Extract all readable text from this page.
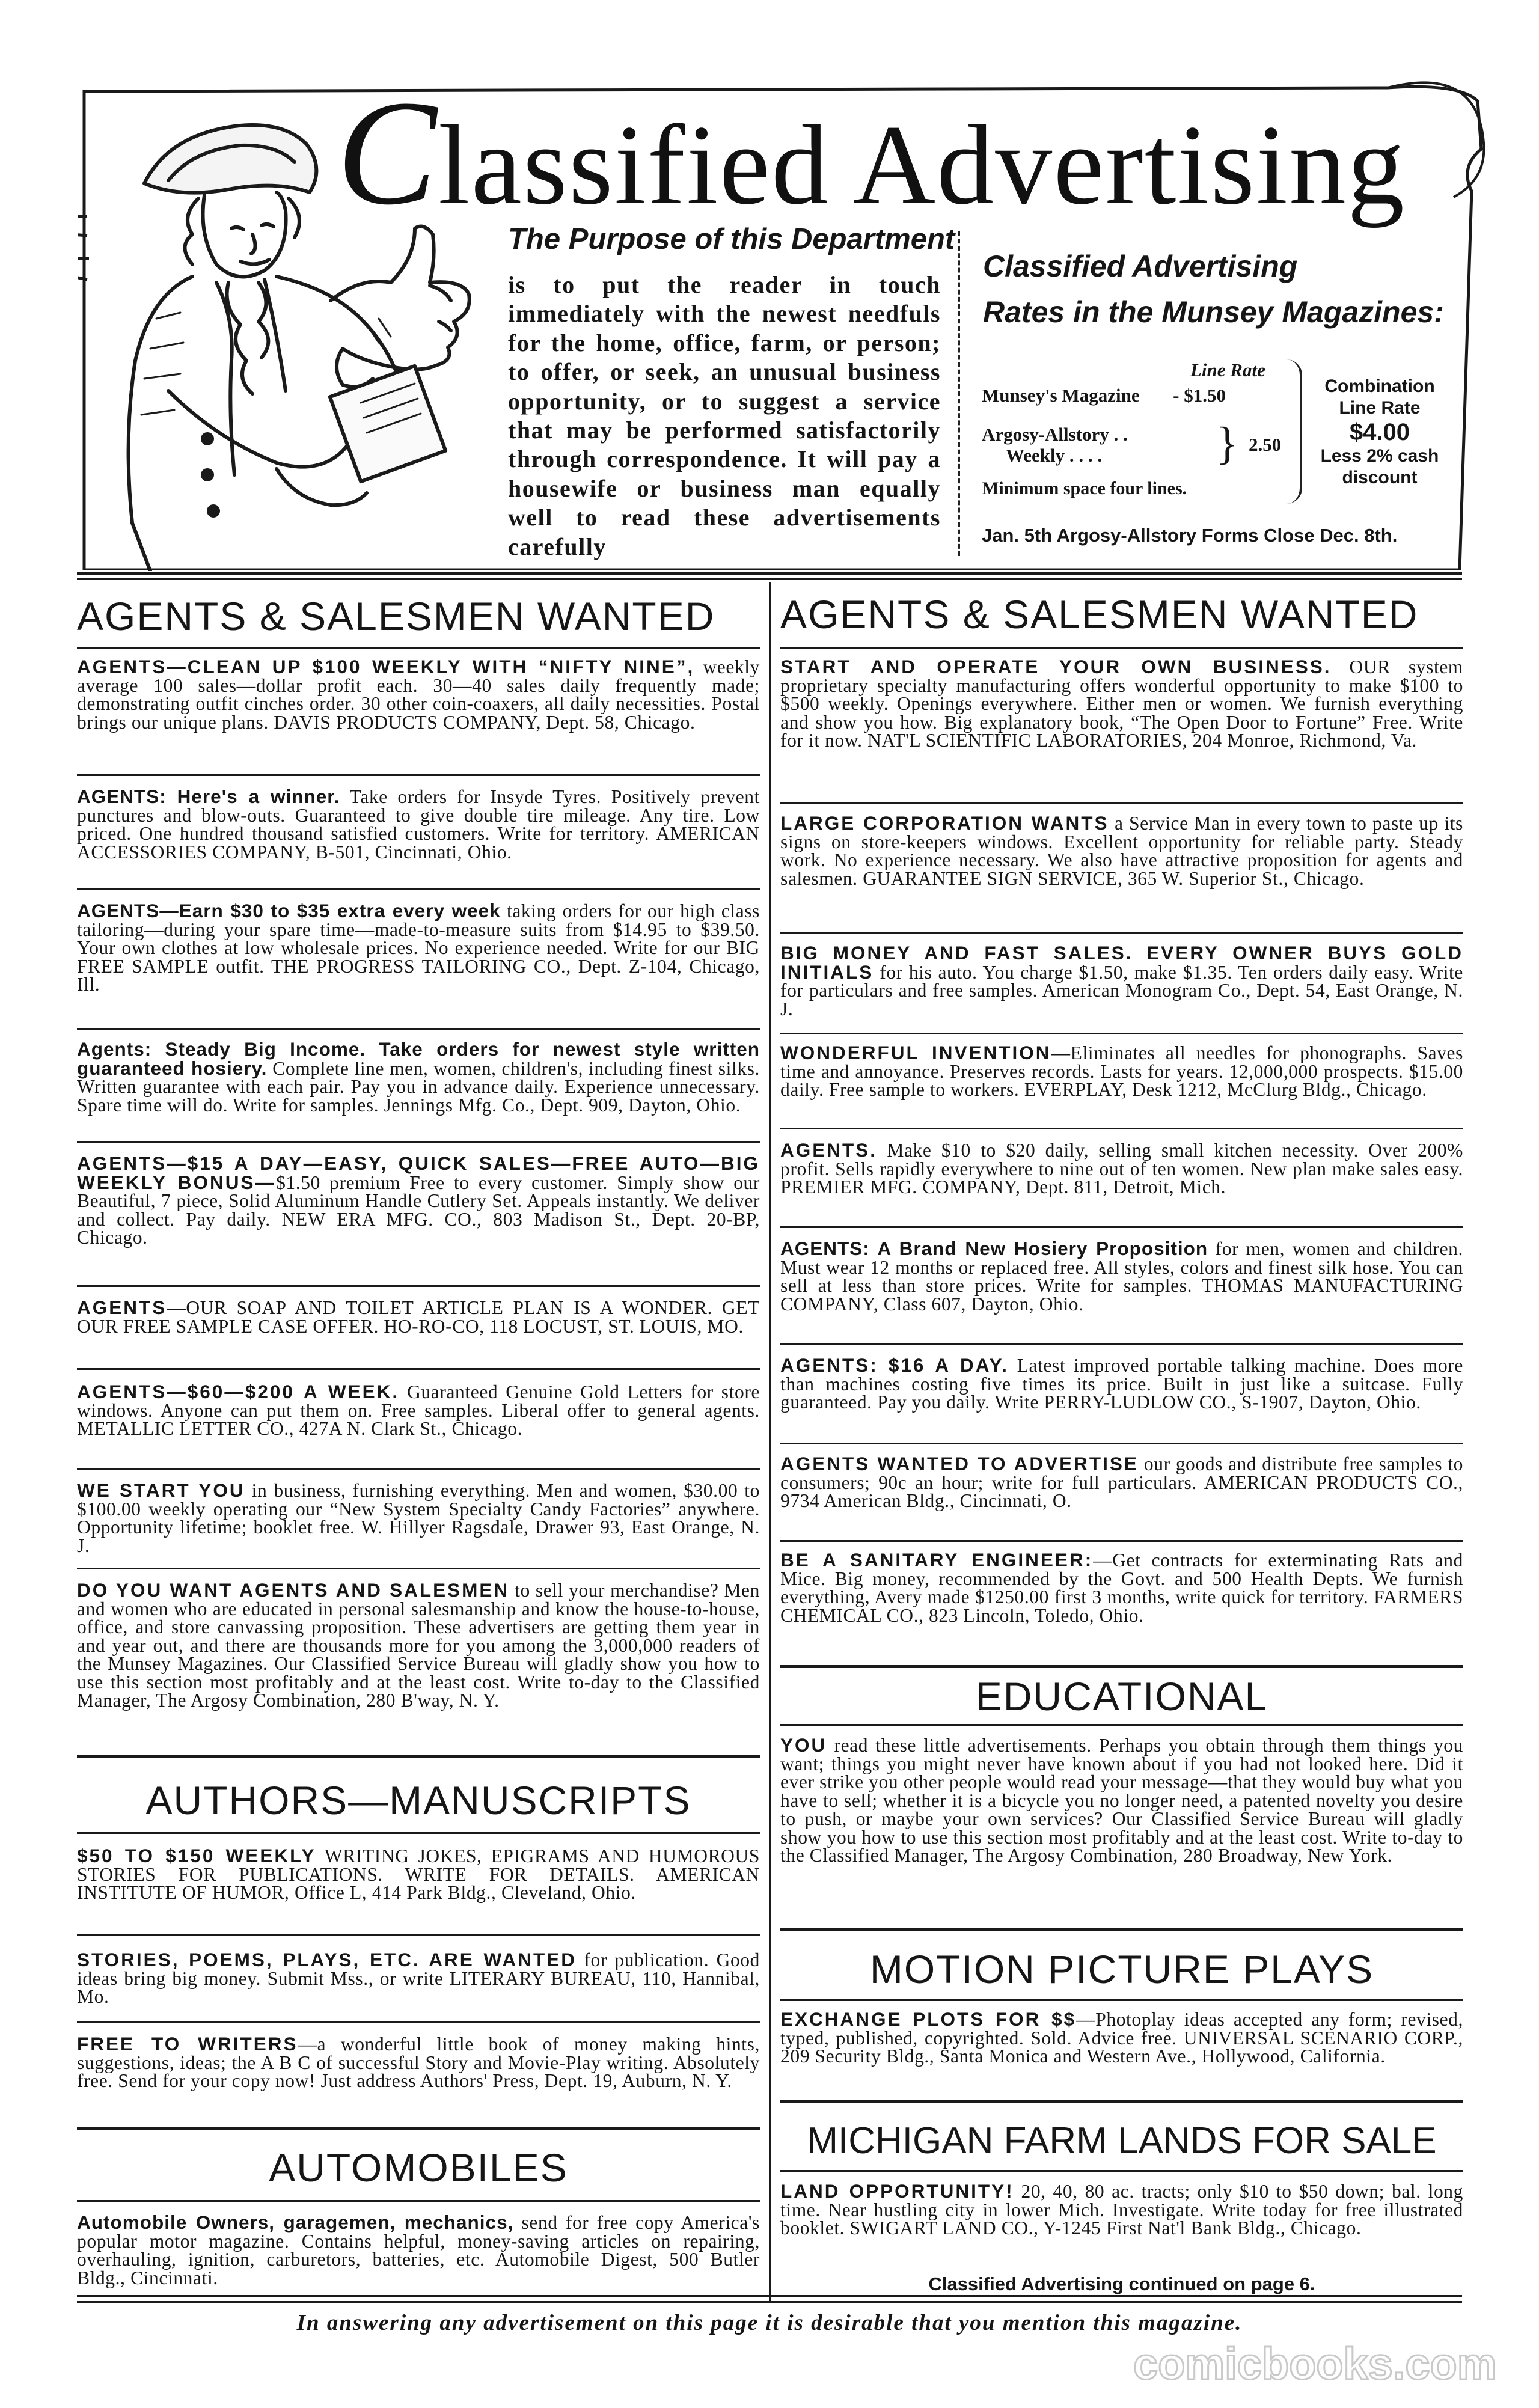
Classified Advertising
The Purpose of this Department
is to put the reader in touch immediately with the newest needfuls for the home, office, farm, or person; to offer, or seek, an unusual business opportunity, or to suggest a service that may be performed satisfactorily through correspondence. It will pay a housewife or business man equally well to read these advertisements carefully
Classified Advertising
Rates in the Munsey Magazines:
Line Rate
Munsey's Magazine - $1.50
Argosy-Allstory . .
Weekly . . . .	} 2.50
Combination
Line Rate
$4.00
Less 2% cash
discount
Minimum space four lines.
Jan. 5th Argosy-Allstory Forms Close Dec. 8th.
AGENTS & SALESMEN WANTED
AGENTS—CLEAN UP $100 WEEKLY WITH “NIFTY NINE”, weekly average 100 sales—dollar profit each. 30—40 sales daily frequently made; demonstrating outfit cinches order. 30 other coin-coaxers, all daily necessities. Postal brings our unique plans. DAVIS PRODUCTS COMPANY, Dept. 58, Chicago.
AGENTS: Here's a winner. Take orders for Insyde Tyres. Positively prevent punctures and blow-outs. Guaranteed to give double tire mileage. Any tire. Low priced. One hundred thousand satisfied customers. Write for territory. AMERICAN ACCESSORIES COMPANY, B-501, Cincinnati, Ohio.
AGENTS—Earn $30 to $35 extra every week taking orders for our high class tailoring—during your spare time—made-to-measure suits from $14.95 to $39.50. Your own clothes at low wholesale prices. No experience needed. Write for our BIG FREE SAMPLE outfit. THE PROGRESS TAILORING CO., Dept. Z-104, Chicago, Ill.
Agents: Steady Big Income. Take orders for newest style written guaranteed hosiery. Complete line men, women, children's, including finest silks. Written guarantee with each pair. Pay you in advance daily. Experience unnecessary. Spare time will do. Write for samples. Jennings Mfg. Co., Dept. 909, Dayton, Ohio.
AGENTS—$15 A DAY—EASY, QUICK SALES—FREE AUTO—BIG WEEKLY BONUS—$1.50 premium Free to every customer. Simply show our Beautiful, 7 piece, Solid Aluminum Handle Cutlery Set. Appeals instantly. We deliver and collect. Pay daily. NEW ERA MFG. CO., 803 Madison St., Dept. 20-BP, Chicago.
AGENTS—OUR SOAP AND TOILET ARTICLE PLAN IS A WONDER. GET OUR FREE SAMPLE CASE OFFER. HO-RO-CO, 118 LOCUST, ST. LOUIS, MO.
AGENTS—$60—$200 A WEEK. Guaranteed Genuine Gold Letters for store windows. Anyone can put them on. Free samples. Liberal offer to general agents. METALLIC LETTER CO., 427A N. Clark St., Chicago.
WE START YOU in business, furnishing everything. Men and women, $30.00 to $100.00 weekly operating our “New System Specialty Candy Factories” anywhere. Opportunity lifetime; booklet free. W. Hillyer Ragsdale, Drawer 93, East Orange, N. J.
DO YOU WANT AGENTS AND SALESMEN to sell your merchandise? Men and women who are educated in personal salesmanship and know the house-to-house, office, and store canvassing proposition. These advertisers are getting them year in and year out, and there are thousands more for you among the 3,000,000 readers of the Munsey Magazines. Our Classified Service Bureau will gladly show you how to use this section most profitably and at the least cost. Write to-day to the Classified Manager, The Argosy Combination, 280 B'way, N. Y.
AUTHORS—MANUSCRIPTS
$50 TO $150 WEEKLY WRITING JOKES, EPIGRAMS AND HUMOROUS STORIES FOR PUBLICATIONS. WRITE FOR DETAILS. AMERICAN INSTITUTE OF HUMOR, Office L, 414 Park Bldg., Cleveland, Ohio.
STORIES, POEMS, PLAYS, ETC. ARE WANTED for publication. Good ideas bring big money. Submit Mss., or write LITERARY BUREAU, 110, Hannibal, Mo.
FREE TO WRITERS—a wonderful little book of money making hints, suggestions, ideas; the A B C of successful Story and Movie-Play writing. Absolutely free. Send for your copy now! Just address Authors' Press, Dept. 19, Auburn, N. Y.
AUTOMOBILES
Automobile Owners, garagemen, mechanics, send for free copy America's popular motor magazine. Contains helpful, money-saving articles on repairing, overhauling, ignition, carburetors, batteries, etc. Automobile Digest, 500 Butler Bldg., Cincinnati.
AGENTS & SALESMEN WANTED
START AND OPERATE YOUR OWN BUSINESS. OUR system proprietary specialty manufacturing offers wonderful opportunity to make $100 to $500 weekly. Openings everywhere. Either men or women. We furnish everything and show you how. Big explanatory book, “The Open Door to Fortune” Free. Write for it now. NAT'L SCIENTIFIC LABORATORIES, 204 Monroe, Richmond, Va.
LARGE CORPORATION WANTS a Service Man in every town to paste up its signs on store-keepers windows. Excellent opportunity for reliable party. Steady work. No experience necessary. We also have attractive proposition for agents and salesmen. GUARANTEE SIGN SERVICE, 365 W. Superior St., Chicago.
BIG MONEY AND FAST SALES. EVERY OWNER BUYS GOLD INITIALS for his auto. You charge $1.50, make $1.35. Ten orders daily easy. Write for particulars and free samples. American Monogram Co., Dept. 54, East Orange, N. J.
WONDERFUL INVENTION—Eliminates all needles for phonographs. Saves time and annoyance. Preserves records. Lasts for years. 12,000,000 prospects. $15.00 daily. Free sample to workers. EVERPLAY, Desk 1212, McClurg Bldg., Chicago.
AGENTS. Make $10 to $20 daily, selling small kitchen necessity. Over 200% profit. Sells rapidly everywhere to nine out of ten women. New plan make sales easy. PREMIER MFG. COMPANY, Dept. 811, Detroit, Mich.
AGENTS: A Brand New Hosiery Proposition for men, women and children. Must wear 12 months or replaced free. All styles, colors and finest silk hose. You can sell at less than store prices. Write for samples. THOMAS MANUFACTURING COMPANY, Class 607, Dayton, Ohio.
AGENTS: $16 A DAY. Latest improved portable talking machine. Does more than machines costing five times its price. Built in just like a suitcase. Fully guaranteed. Pay you daily. Write PERRY-LUDLOW CO., S-1907, Dayton, Ohio.
AGENTS WANTED TO ADVERTISE our goods and distribute free samples to consumers; 90c an hour; write for full particulars. AMERICAN PRODUCTS CO., 9734 American Bldg., Cincinnati, O.
BE A SANITARY ENGINEER:—Get contracts for exterminating Rats and Mice. Big money, recommended by the Govt. and 500 Health Depts. We furnish everything, Avery made $1250.00 first 3 months, write quick for territory. FARMERS CHEMICAL CO., 823 Lincoln, Toledo, Ohio.
EDUCATIONAL
YOU read these little advertisements. Perhaps you obtain through them things you want; things you might never have known about if you had not looked here. Did it ever strike you other people would read your message—that they would buy what you have to sell; whether it is a bicycle you no longer need, a patented novelty you desire to push, or maybe your own services? Our Classified Service Bureau will gladly show you how to use this section most profitably and at the least cost. Write to-day to the Classified Manager, The Argosy Combination, 280 Broadway, New York.
MOTION PICTURE PLAYS
EXCHANGE PLOTS FOR $$—Photoplay ideas accepted any form; revised, typed, published, copyrighted. Sold. Advice free. UNIVERSAL SCENARIO CORP., 209 Security Bldg., Santa Monica and Western Ave., Hollywood, California.
MICHIGAN FARM LANDS FOR SALE
LAND OPPORTUNITY! 20, 40, 80 ac. tracts; only $10 to $50 down; bal. long time. Near hustling city in lower Mich. Investigate. Write today for free illustrated booklet. SWIGART LAND CO., Y-1245 First Nat'l Bank Bldg., Chicago.
Classified Advertising continued on page 6.
In answering any advertisement on this page it is desirable that you mention this magazine.
comicbooks.com
